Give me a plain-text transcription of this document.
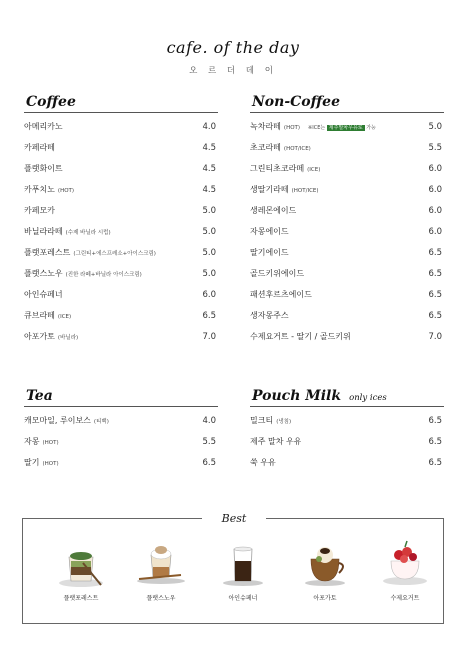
cafe. of the day
오 르 더 데 이
Coffee
아메리카노	4.0
카페라떼	4.5
플랫화이트	4.5
카푸치노 (HOT)	4.5
카페모카	5.0
바닐라라떼 (수제 바닐라 시럽)	5.0
플랫포레스트 (그린티+에스프레소+아이스크림)	5.0
플랫스노우 (진한 라떼+바닐라 아이스크림)	5.0
아인슈페너	6.0
큐브라떼 (ICE)	6.5
아포가토 (바닐라)	7.0
Non-Coffee
녹차라떼 (HOT) ※ICE는 제주말차우유로 가능	5.0
초코라떼 (HOT/ICE)	5.5
그린티초코라떼 (ICE)	6.0
생딸기라떼 (HOT/ICE)	6.0
생레몬에이드	6.0
자몽에이드	6.0
딸기에이드	6.5
골드키위에이드	6.5
패션후르츠에이드	6.5
생자몽주스	6.5
수제요거트 - 딸기 / 골드키위	7.0
Tea
캐모마일, 루이보스 (티백)	4.0
자몽 (HOT)	5.5
딸기 (HOT)	6.5
Pouch Milk only ices
밀크티 (냉침)	6.5
제주 말차 우유	6.5
쑥 우유	6.5
플랫포레스트	플랫스노우	아인슈페너	아포가토	수제요거트
Best
